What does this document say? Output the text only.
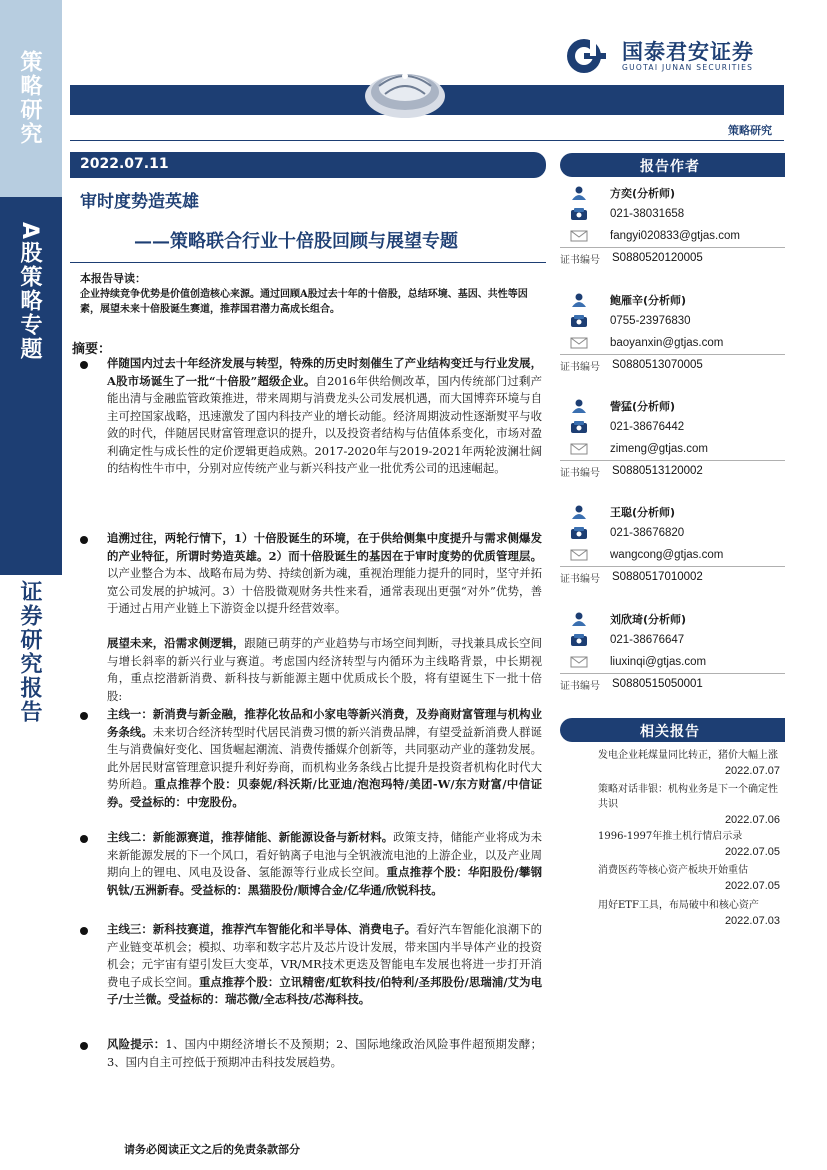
策略研究
A股策略专题
证券研究报告
国泰君安证券
GUOTAI JUNAN SECURITIES
策略研究
2022.07.11
审时度势造英雄
——策略联合行业十倍股回顾与展望专题
本报告导读：
企业持续竞争优势是价值创造核心来源。通过回顾A股过去十年的十倍股，总结环境、基因、共性等因素，展望未来十倍股诞生赛道，推荐国君潜力高成长组合。
摘要：
伴随国内过去十年经济发展与转型，特殊的历史时刻催生了产业结构变迁与行业发展，A股市场诞生了一批“十倍股”超级企业。自2016年供给侧改革，国内传统部门过剩产能出清与金融监管政策推进，带来周期与消费龙头公司发展机遇，而大国博弈环境与自主可控国家战略，迅速激发了国内科技产业的增长动能。经济周期波动性逐渐熨平与收敛的时代，伴随居民财富管理意识的提升，以及投资者结构与估值体系变化，市场对盈利确定性与成长性的定价逻辑更趋成熟。2017-2020年与2019-2021年两轮波澜壮阔的结构性牛市中，分别对应传统产业与新兴科技产业一批优秀公司的迅速崛起。
追溯过往，两轮行情下，1）十倍股诞生的环境，在于供给侧集中度提升与需求侧爆发的产业特征，所谓时势造英雄。2）而十倍股诞生的基因在于审时度势的优质管理层。以产业整合为本、战略布局为势、持续创新为魂，重视治理能力提升的同时，坚守并拓宽公司发展的护城河。3）十倍股微观财务共性来看，通常表现出更强“对外”优势，善于通过占用产业链上下游资金以提升经营效率。
展望未来，沿需求侧逻辑，跟随已萌芽的产业趋势与市场空间判断，寻找兼具成长空间与增长斜率的新兴行业与赛道。考虑国内经济转型与内循环为主线略背景，中长期视角，重点挖潜新消费、新科技与新能源主题中优质成长个股，将有望诞生下一批十倍股:
主线一：新消费与新金融，推荐化妆品和小家电等新兴消费，及券商财富管理与机构业务条线。未来切合经济转型时代居民消费习惯的新兴消费品牌，有望受益新消费人群诞生与消费偏好变化、国货崛起潮流、消费传播媒介创新等，共同驱动产业的蓬勃发展。此外居民财富管理意识提升利好券商，而机构业务条线占比提升是投资者机构化时代大势所趋。重点推荐个股：贝泰妮/科沃斯/比亚迪/泡泡玛特/美团-W/东方财富/中信证券。受益标的：中宠股份。
主线二：新能源赛道，推荐储能、新能源设备与新材料。政策支持，储能产业将成为未来新能源发展的下一个风口，看好钠离子电池与全钒液流电池的上游企业，以及产业周期向上的锂电、风电及设备、氢能源等行业成长空间。重点推荐个股：华阳股份/攀钢钒钛/五洲新春。受益标的：黑猫股份/顺博合金/亿华通/欣锐科技。
主线三：新科技赛道，推荐汽车智能化和半导体、消费电子。看好汽车智能化浪潮下的产业链变革机会；模拟、功率和数字芯片及芯片设计发展，带来国内半导体产业的投资机会；元宇宙有望引发巨大变革，VR/MR技术更迭及智能电车发展也将进一步打开消费电子成长空间。重点推荐个股：立讯精密/虹软科技/伯特利/圣邦股份/思瑞浦/艾为电子/士兰微。受益标的：瑞芯微/全志科技/芯海科技。
风险提示：1、国内中期经济增长不及预期；2、国际地缘政治风险事件超预期发酵；3、国内自主可控低于预期冲击科技发展趋势。
请务必阅读正文之后的免责条款部分
报告作者
方奕(分析师)
021-38031658
fangyi020833@gtjas.com
证书编号 S0880520120005
鲍雁辛(分析师)
0755-23976830
baoyanxin@gtjas.com
证书编号 S0880513070005
訾猛(分析师)
021-38676442
zimeng@gtjas.com
证书编号 S0880513120002
王聪(分析师)
021-38676820
wangcong@gtjas.com
证书编号 S0880517010002
刘欣琦(分析师)
021-38676647
liuxinqi@gtjas.com
证书编号 S0880515050001
相关报告
发电企业耗煤量同比转正，猪价大幅上涨
2022.07.07
策略对话非银：机构业务是下一个确定性共识
2022.07.06
1996-1997年推土机行情启示录
2022.07.05
消费医药等核心资产板块开始重估
2022.07.05
用好ETF工具，布局破中和核心资产
2022.07.03
